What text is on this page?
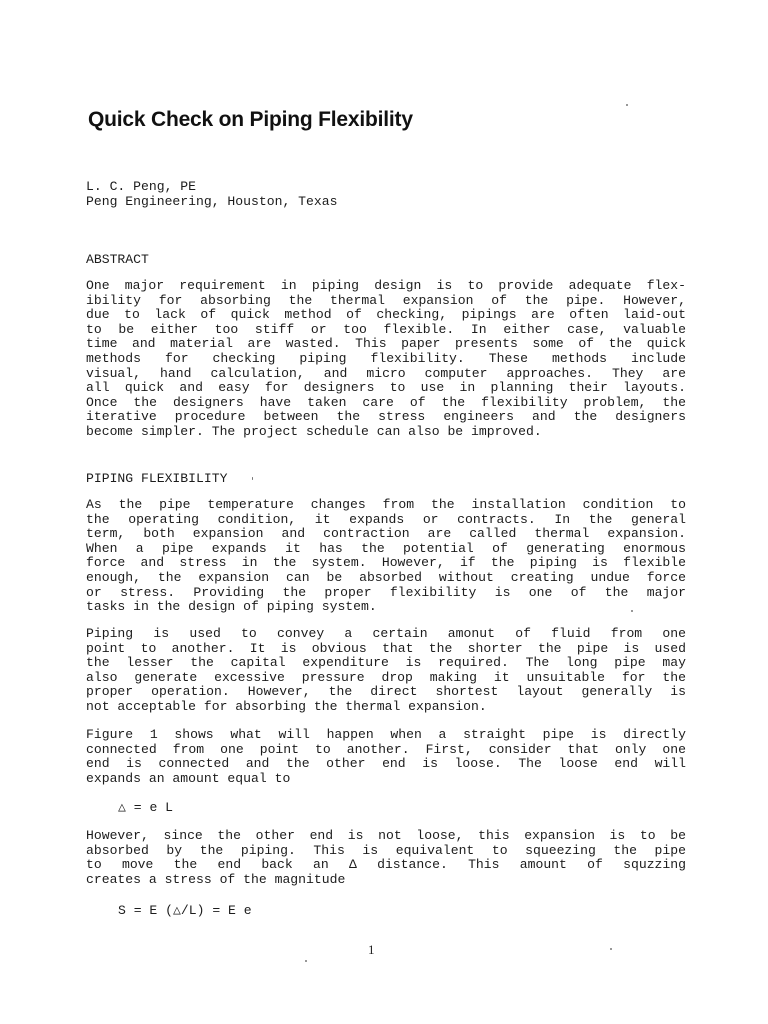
Quick Check on Piping Flexibility
L. C. Peng, PE
Peng Engineering, Houston, Texas
ABSTRACT
One major requirement in piping design is to provide adequate flex-
ibility for absorbing the thermal expansion of the pipe. However,
due to lack of quick method of checking, pipings are often laid-out
to be either too stiff or too flexible. In either case, valuable
time and material are wasted. This paper presents some of the quick
methods for checking piping flexibility. These methods include
visual, hand calculation, and micro computer approaches. They are
all quick and easy for designers to use in planning their layouts.
Once the designers have taken care of the flexibility problem, the
iterative procedure between the stress engineers and the designers
become simpler. The project schedule can also be improved.
PIPING FLEXIBILITY
As the pipe temperature changes from the installation condition to
the operating condition, it expands or contracts. In the general
term, both expansion and contraction are called thermal expansion.
When a pipe expands it has the potential of generating enormous
force and stress in the system. However, if the piping is flexible
enough, the expansion can be absorbed without creating undue force
or stress. Providing the proper flexibility is one of the major
tasks in the design of piping system.
Piping is used to convey a certain amonut of fluid from one
point to another. It is obvious that the shorter the pipe is used
the lesser the capital expenditure is required. The long pipe may
also generate excessive pressure drop making it unsuitable for the
proper operation. However, the direct shortest layout generally is
not acceptable for absorbing the thermal expansion.
Figure 1 shows what will happen when a straight pipe is directly
connected from one point to another. First, consider that only one
end is connected and the other end is loose. The loose end will
expands an amount equal to
△ = e L
However, since the other end is not loose, this expansion is to be
absorbed by the piping. This is equivalent to squeezing the pipe
to move the end back an Δ distance. This amount of squzzing
creates a stress of the magnitude
S = E (△/L) = E e
1
